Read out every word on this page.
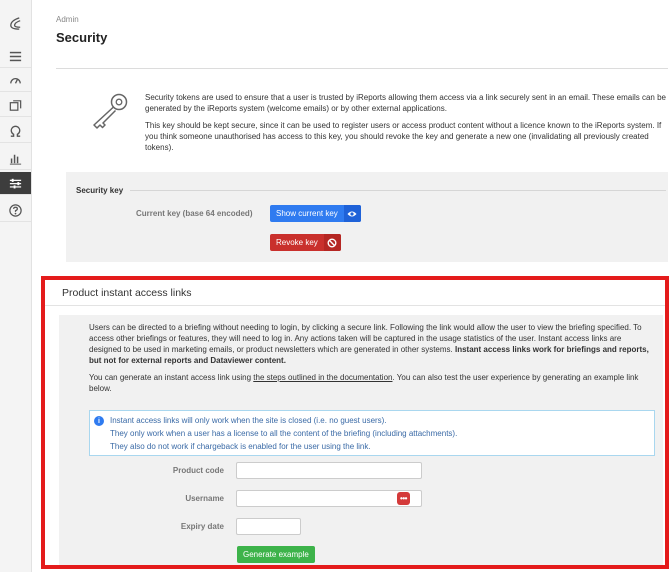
Admin
Security

Security tokens are used to ensure that a user is trusted by iReports allowing them access via a link securely sent in an email. These emails can be generated by the iReports system (welcome emails) or by other external applications.

This key should be kept secure, since it can be used to register users or access product content without a licence known to the iReports system. If you think someone unauthorised has access to this key, you should revoke the key and generate a new one (invalidating all previously created tokens).

Security key
Current key (base 64 encoded)	Show current key
Revoke key
Product instant access links

Users can be directed to a briefing without needing to login, by clicking a secure link. Following the link would allow the user to view the briefing specified. To access other briefings or features, they will need to log in. Any actions taken will be captured in the usage statistics of the user. Instant access links are designed to be used in marketing emails, or product newsletters which are generated in other systems. Instant access links work for briefings and reports, but not for external reports and Dataviewer content.

You can generate an instant access link using the steps outlined in the documentation. You can also test the user experience by generating an example link below.

i	Instant access links will only work when the site is closed (i.e. no guest users).
They only work when a user has a license to all the content of the briefing (including attachments).
They also do not work if chargeback is enabled for the user using the link.
Product code
Username	•••
Expiry date
Generate example
